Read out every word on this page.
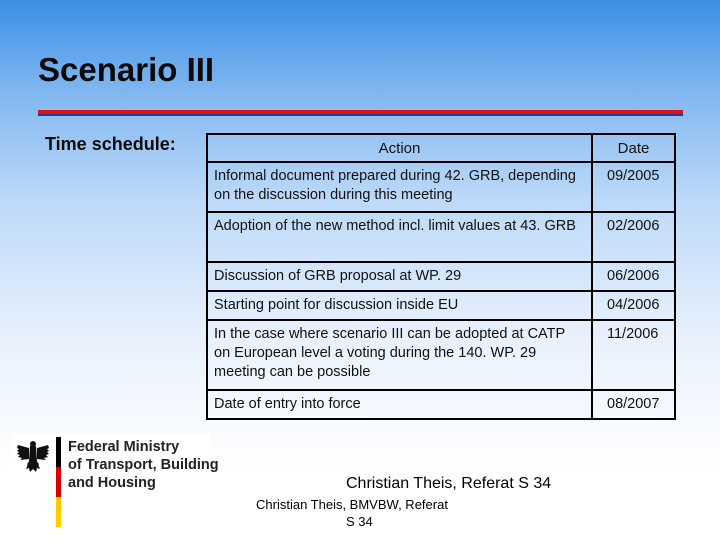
Scenario III
Time schedule:	Action	Date
Informal document prepared during 42. GRB, depending on the discussion during this meeting	09/2005
Adoption of the new method incl. limit values at 43. GRB	02/2006
Discussion of GRB proposal at WP. 29	06/2006
Starting point for discussion inside EU	04/2006
In the case where scenario III can be adopted at CATP on European level a voting during the 140. WP. 29 meeting can be possible	11/2006
Date of entry into force	08/2007
Federal Ministry
of Transport, Building
and Housing	Christian Theis, Referat S 34
Christian Theis, BMVBW, Referat
S 34
